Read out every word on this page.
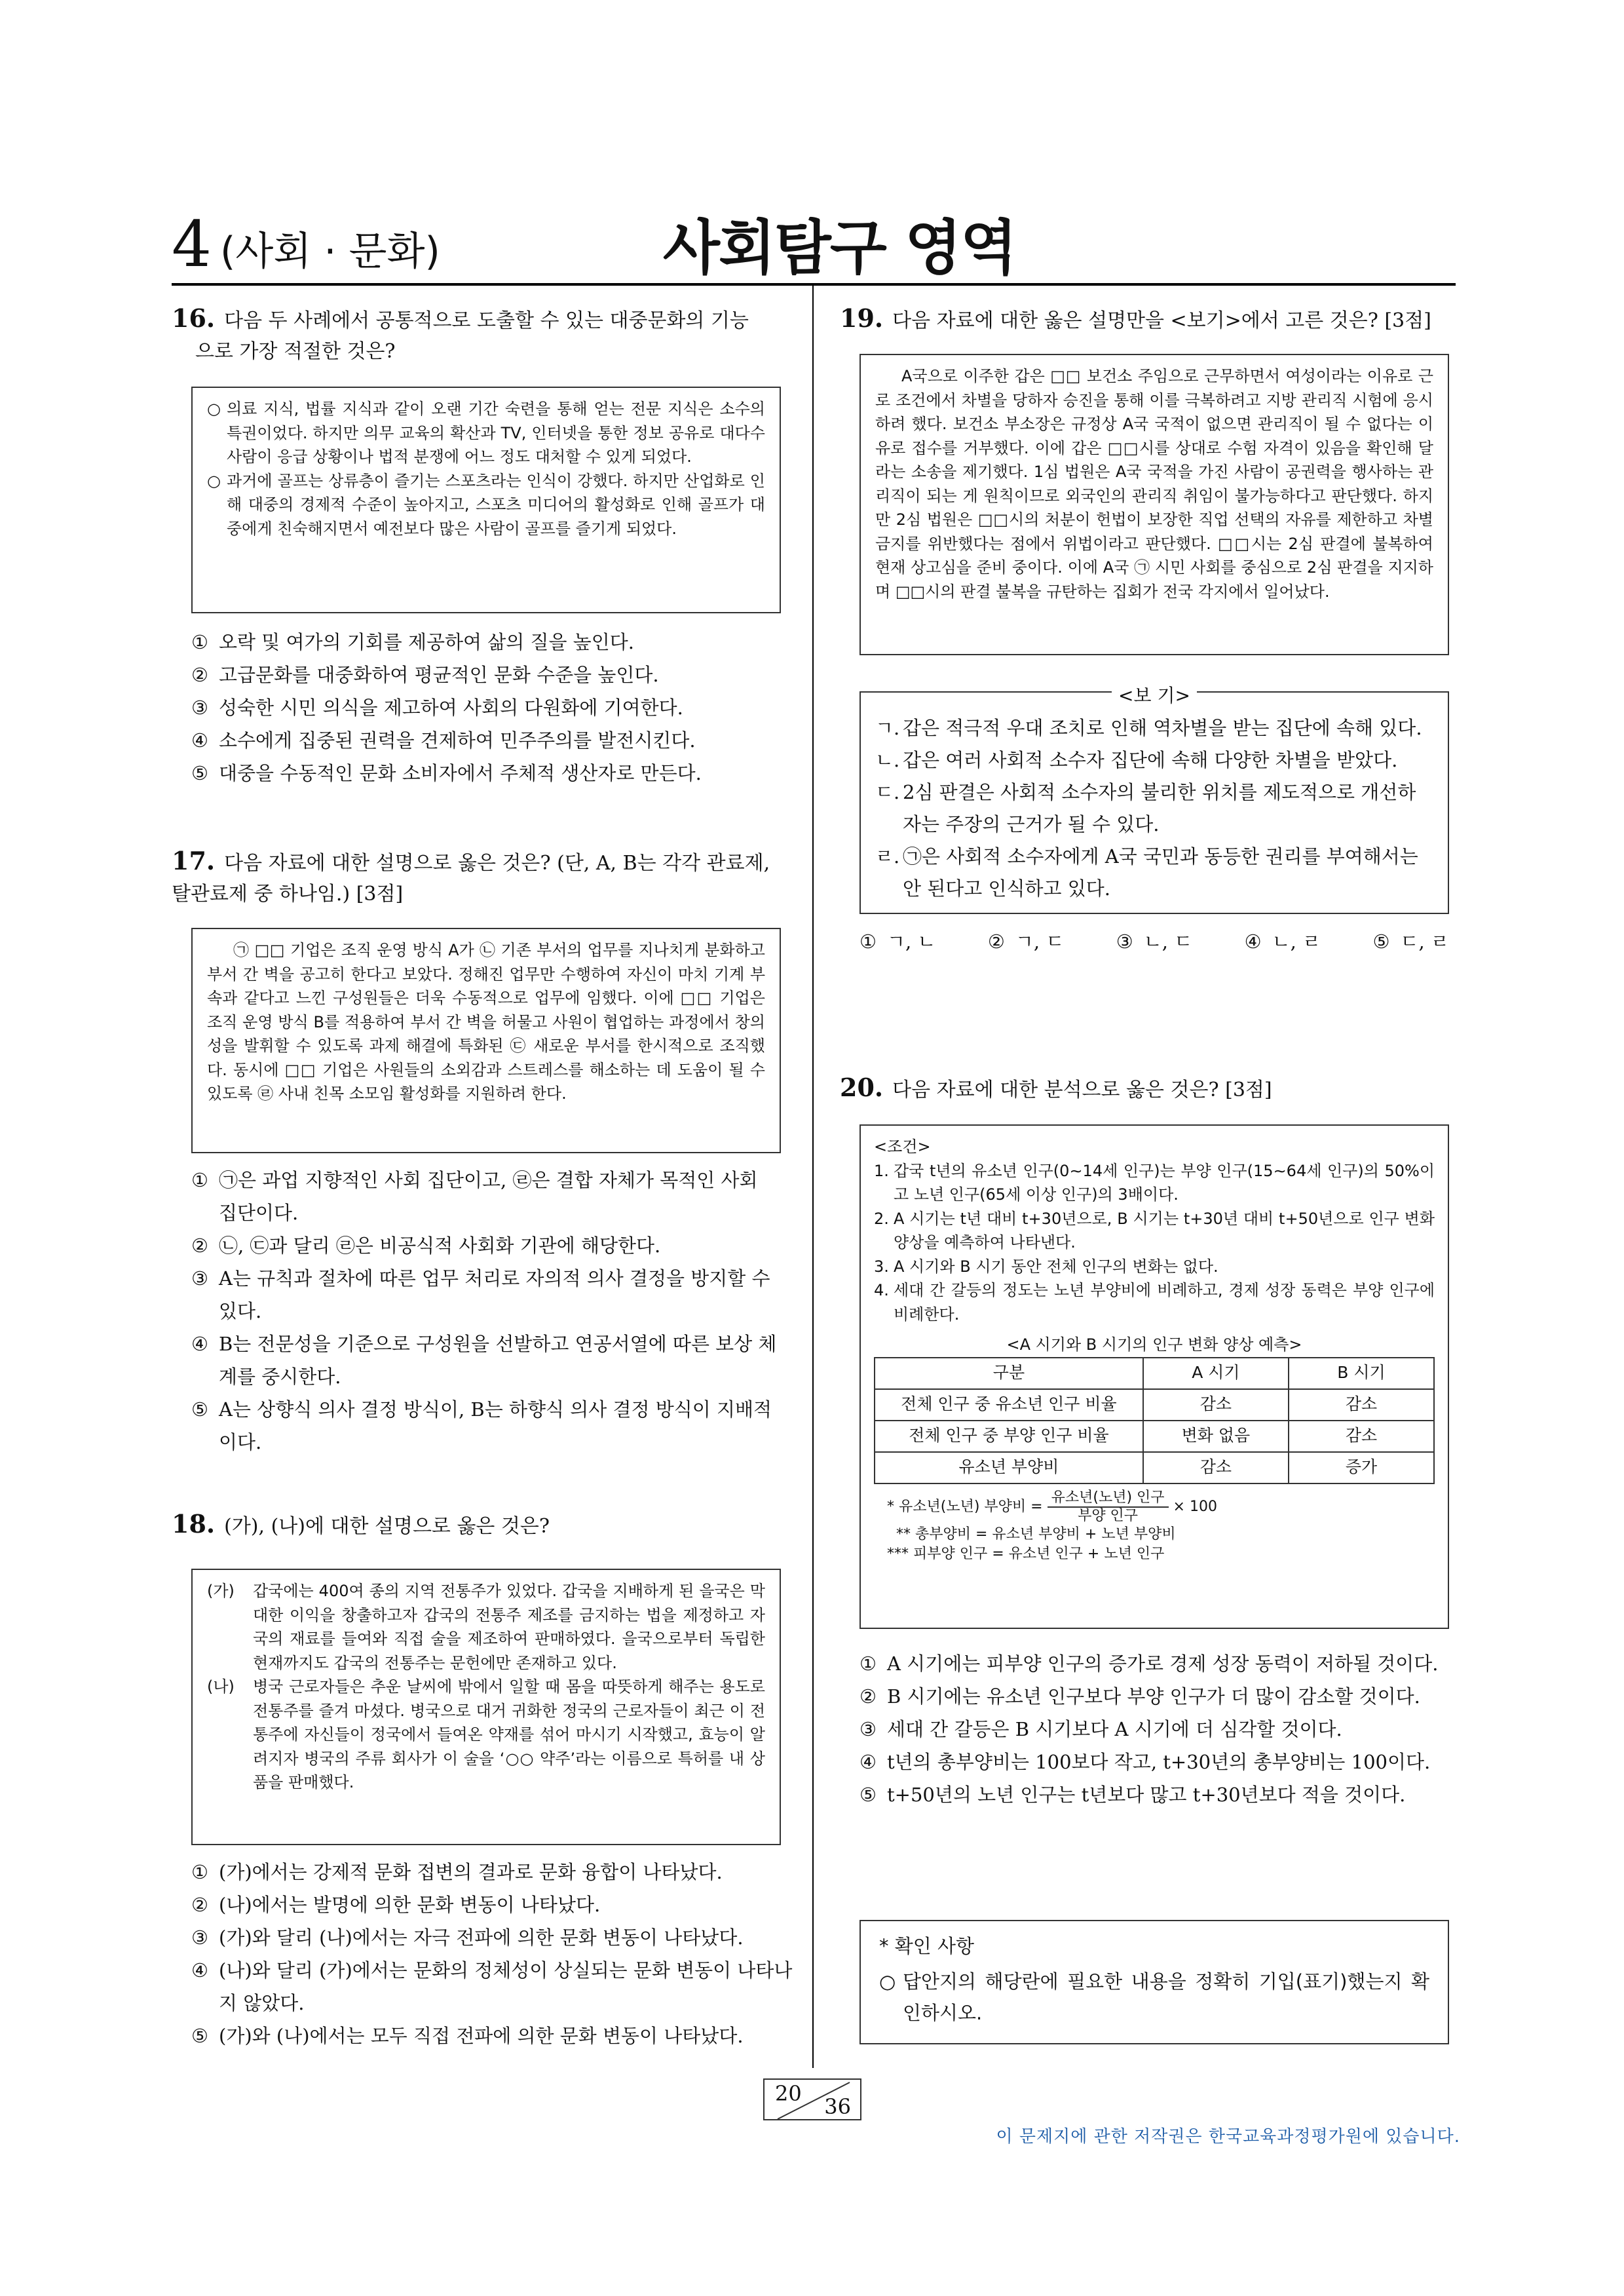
4 (사회 · 문화)	사회탐구 영역
16. 다음 두 사례에서 공통적으로 도출할 수 있는 대중문화의 기능
으로 가장 적절한 것은?
○ 의료 지식, 법률 지식과 같이 오랜 기간 숙련을 통해 얻는 전문 지식은 소수의 특권이었다. 하지만 의무 교육의 확산과 TV, 인터넷을 통한 정보 공유로 대다수 사람이 응급 상황이나 법적 분쟁에 어느 정도 대처할 수 있게 되었다.
○ 과거에 골프는 상류층이 즐기는 스포츠라는 인식이 강했다. 하지만 산업화로 인해 대중의 경제적 수준이 높아지고, 스포츠 미디어의 활성화로 인해 골프가 대중에게 친숙해지면서 예전보다 많은 사람이 골프를 즐기게 되었다.
① 오락 및 여가의 기회를 제공하여 삶의 질을 높인다.
② 고급문화를 대중화하여 평균적인 문화 수준을 높인다.
③ 성숙한 시민 의식을 제고하여 사회의 다원화에 기여한다.
④ 소수에게 집중된 권력을 견제하여 민주주의를 발전시킨다.
⑤ 대중을 수동적인 문화 소비자에서 주체적 생산자로 만든다.
17. 다음 자료에 대한 설명으로 옳은 것은? (단, A, B는 각각 관료제,
탈관료제 중 하나임.) [3점]

㉠ □□ 기업은 조직 운영 방식 A가 ㉡ 기존 부서의 업무를 지나치게 분화하고 부서 간 벽을 공고히 한다고 보았다. 정해진 업무만 수행하여 자신이 마치 기계 부속과 같다고 느낀 구성원들은 더욱 수동적으로 업무에 임했다. 이에 □□ 기업은 조직 운영 방식 B를 적용하여 부서 간 벽을 허물고 사원이 협업하는 과정에서 창의성을 발휘할 수 있도록 과제 해결에 특화된 ㉢ 새로운 부서를 한시적으로 조직했다. 동시에 □□ 기업은 사원들의 소외감과 스트레스를 해소하는 데 도움이 될 수 있도록 ㉣ 사내 친목 소모임 활성화를 지원하려 한다.

① ㉠은 과업 지향적인 사회 집단이고, ㉣은 결합 자체가 목적인 사회 집단이다.
② ㉡, ㉢과 달리 ㉣은 비공식적 사회화 기관에 해당한다.
③ A는 규칙과 절차에 따른 업무 처리로 자의적 의사 결정을 방지할 수 있다.
④ B는 전문성을 기준으로 구성원을 선발하고 연공서열에 따른 보상 체계를 중시한다.
⑤ A는 상향식 의사 결정 방식이, B는 하향식 의사 결정 방식이 지배적이다.
18. (가), (나)에 대한 설명으로 옳은 것은?
(가)	갑국에는 400여 종의 지역 전통주가 있었다. 갑국을 지배하게 된 을국은 막대한 이익을 창출하고자 갑국의 전통주 제조를 금지하는 법을 제정하고 자국의 재료를 들여와 직접 술을 제조하여 판매하였다. 을국으로부터 독립한 현재까지도 갑국의 전통주는 문헌에만 존재하고 있다.
(나)	병국 근로자들은 추운 날씨에 밖에서 일할 때 몸을 따뜻하게 해주는 용도로 전통주를 즐겨 마셨다. 병국으로 대거 귀화한 정국의 근로자들이 최근 이 전통주에 자신들이 정국에서 들여온 약재를 섞어 마시기 시작했고, 효능이 알려지자 병국의 주류 회사가 이 술을 ‘○○ 약주’라는 이름으로 특허를 내 상품을 판매했다.
① (가)에서는 강제적 문화 접변의 결과로 문화 융합이 나타났다.
② (나)에서는 발명에 의한 문화 변동이 나타났다.
③ (가)와 달리 (나)에서는 자극 전파에 의한 문화 변동이 나타났다.
④ (나)와 달리 (가)에서는 문화의 정체성이 상실되는 문화 변동이 나타나지 않았다.
⑤ (가)와 (나)에서는 모두 직접 전파에 의한 문화 변동이 나타났다.
19. 다음 자료에 대한 옳은 설명만을 <보기>에서 고른 것은? [3점]

A국으로 이주한 갑은 □□ 보건소 주임으로 근무하면서 여성이라는 이유로 근로 조건에서 차별을 당하자 승진을 통해 이를 극복하려고 지방 관리직 시험에 응시하려 했다. 보건소 부소장은 규정상 A국 국적이 없으면 관리직이 될 수 없다는 이유로 접수를 거부했다. 이에 갑은 □□시를 상대로 수험 자격이 있음을 확인해 달라는 소송을 제기했다. 1심 법원은 A국 국적을 가진 사람이 공권력을 행사하는 관리직이 되는 게 원칙이므로 외국인의 관리직 취임이 불가능하다고 판단했다. 하지만 2심 법원은 □□시의 처분이 헌법이 보장한 직업 선택의 자유를 제한하고 차별 금지를 위반했다는 점에서 위법이라고 판단했다. □□시는 2심 판결에 불복하여 현재 상고심을 준비 중이다. 이에 A국 ㉠ 시민 사회를 중심으로 2심 판결을 지지하며 □□시의 판결 불복을 규탄하는 집회가 전국 각지에서 일어났다.

<보 기>
ㄱ. 갑은 적극적 우대 조치로 인해 역차별을 받는 집단에 속해 있다.
ㄴ. 갑은 여러 사회적 소수자 집단에 속해 다양한 차별을 받았다.
ㄷ. 2심 판결은 사회적 소수자의 불리한 위치를 제도적으로 개선하자는 주장의 근거가 될 수 있다.
ㄹ. ㉠은 사회적 소수자에게 A국 국민과 동등한 권리를 부여해서는 안 된다고 인식하고 있다.
① ㄱ, ㄴ	② ㄱ, ㄷ	③ ㄴ, ㄷ	④ ㄴ, ㄹ	⑤ ㄷ, ㄹ
20. 다음 자료에 대한 분석으로 옳은 것은? [3점]

<조건>

1. 갑국 t년의 유소년 인구(0∼14세 인구)는 부양 인구(15∼64세 인구)의 50%이고 노년 인구(65세 이상 인구)의 3배이다.
2. A 시기는 t년 대비 t+30년으로, B 시기는 t+30년 대비 t+50년으로 인구 변화 양상을 예측하여 나타낸다.
3. A 시기와 B 시기 동안 전체 인구의 변화는 없다.
4. 세대 간 갈등의 정도는 노년 부양비에 비례하고, 경제 성장 동력은 부양 인구에 비례한다.

<A 시기와 B 시기의 인구 변화 양상 예측>

구분	A 시기	B 시기
전체 인구 중 유소년 인구 비율	감소	감소
전체 인구 중 부양 인구 비율	변화 없음	감소
유소년 부양비	감소	증가
* 유소년(노년) 부양비 = $\frac{\text{유소년(노년) 인구}}{\text{부양 인구}} \times 100$
** 총부양비 = 유소년 부양비 + 노년 부양비
*** 피부양 인구 = 유소년 인구 + 노년 인구
① A 시기에는 피부양 인구의 증가로 경제 성장 동력이 저하될 것이다.
② B 시기에는 유소년 인구보다 부양 인구가 더 많이 감소할 것이다.
③ 세대 간 갈등은 B 시기보다 A 시기에 더 심각할 것이다.
④ t년의 총부양비는 100보다 작고, t+30년의 총부양비는 100이다.
⑤ t+50년의 노년 인구는 t년보다 많고 t+30년보다 적을 것이다.
* 확인 사항
○ 답안지의 해당란에 필요한 내용을 정확히 기입(표기)했는지 확인하시오.
20
36
이 문제지에 관한 저작권은 한국교육과정평가원에 있습니다.
